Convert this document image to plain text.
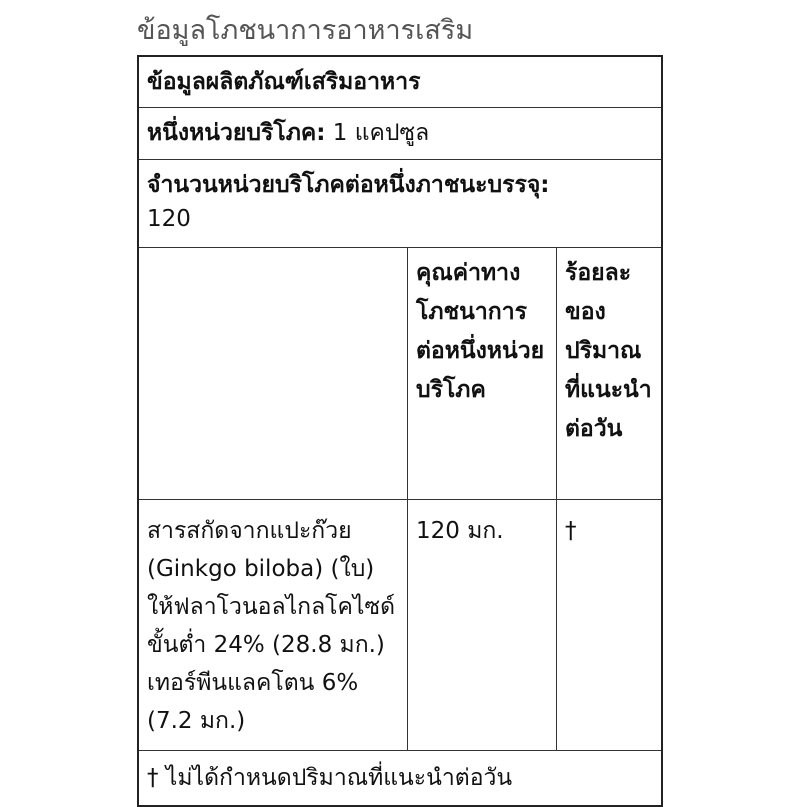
ข้อมูลโภชนาการอาหารเสริม
ข้อมูลผลิตภัณฑ์เสริมอาหาร
หนึ่งหน่วยบริโภค: 1 แคปซูล
จำนวนหน่วยบริโภคต่อหนึ่งภาชนะบรรจุ:
120
คุณค่าทางโภชนาการต่อหนึ่งหน่วยบริโภค
ร้อยละของปริมาณที่แนะนำต่อวัน
สารสกัดจากแปะก๊วย (Ginkgo biloba) (ใบ) ให้ฟลาโวนอลไกลโคไซด์ขั้นต่ำ 24% (28.8 มก.) เทอร์พีนแลคโตน 6% (7.2 มก.)
120 มก.	†
† ไม่ได้กำหนดปริมาณที่แนะนำต่อวัน
